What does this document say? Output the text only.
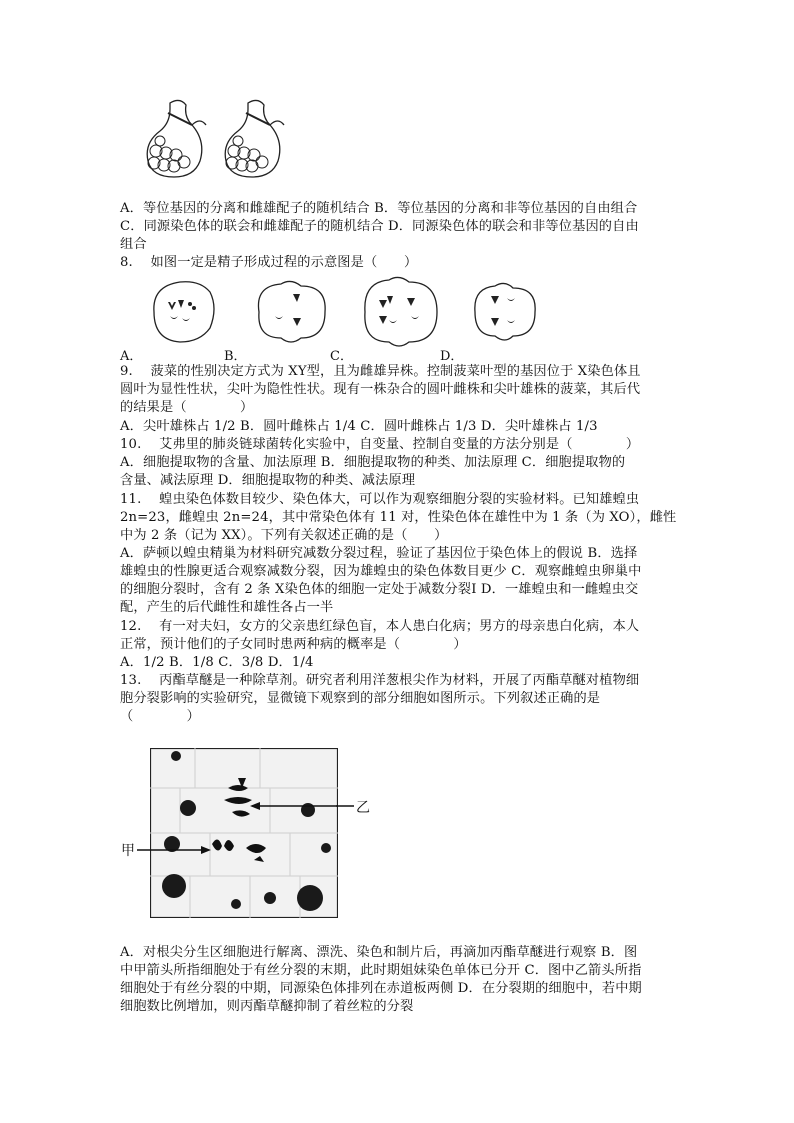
A．等位基因的分离和雌雄配子的随机结合 B．等位基因的分离和非等位基因的自由组合
C．同源染色体的联会和雌雄配子的随机结合 D．同源染色体的联会和非等位基因的自由
组合
8.　 如图一定是精子形成过程的示意图是（　　）
A．	B．	C．	D．
9.　 菠菜的性别决定方式为 XY型，且为雌雄异株。控制菠菜叶型的基因位于 X染色体且
圆叶为显性性状，尖叶为隐性性状。现有一株杂合的圆叶雌株和尖叶雄株的菠菜，其后代
的结果是（　　　　）
A．尖叶雄株占 1/2 B．圆叶雌株占 1/4 C．圆叶雌株占 1/3 D．尖叶雄株占 1/3
10.　 艾弗里的肺炎链球菌转化实验中，自变量、控制自变量的方法分别是（　　　　）
A．细胞提取物的含量、加法原理 B．细胞提取物的种类、加法原理 C．细胞提取物的
含量、减法原理 D．细胞提取物的种类、减法原理
11.　 蝗虫染色体数目较少、染色体大，可以作为观察细胞分裂的实验材料。已知雄蝗虫
2n=23，雌蝗虫 2n=24，其中常染色体有 11 对，性染色体在雄性中为 1 条（为 XO），雌性
中为 2 条（记为 XX）。下列有关叙述正确的是（　　）
A．萨顿以蝗虫精巢为材料研究减数分裂过程，验证了基因位于染色体上的假说 B．选择
雄蝗虫的性腺更适合观察减数分裂，因为雄蝗虫的染色体数目更少 C．观察雌蝗虫卵巢中
的细胞分裂时，含有 2 条 X染色体的细胞一定处于减数分裂Ⅰ D．一雄蝗虫和一雌蝗虫交
配，产生的后代雌性和雄性各占一半
12.　 有一对夫妇，女方的父亲患红绿色盲，本人患白化病；男方的母亲患白化病，本人
正常，预计他们的子女同时患两种病的概率是（　　　　）
A．1/2 B．1/8 C．3/8 D．1/4
13.　 丙酯草醚是一种除草剂。研究者利用洋葱根尖作为材料，开展了丙酯草醚对植物细
胞分裂影响的实验研究，显微镜下观察到的部分细胞如图所示。下列叙述正确的是
（　　　　）
乙
甲
A．对根尖分生区细胞进行解离、漂洗、染色和制片后，再滴加丙酯草醚进行观察 B．图
中甲箭头所指细胞处于有丝分裂的末期，此时期姐妹染色单体已分开 C．图中乙箭头所指
细胞处于有丝分裂的中期，同源染色体排列在赤道板两侧 D．在分裂期的细胞中，若中期
细胞数比例增加，则丙酯草醚抑制了着丝粒的分裂
